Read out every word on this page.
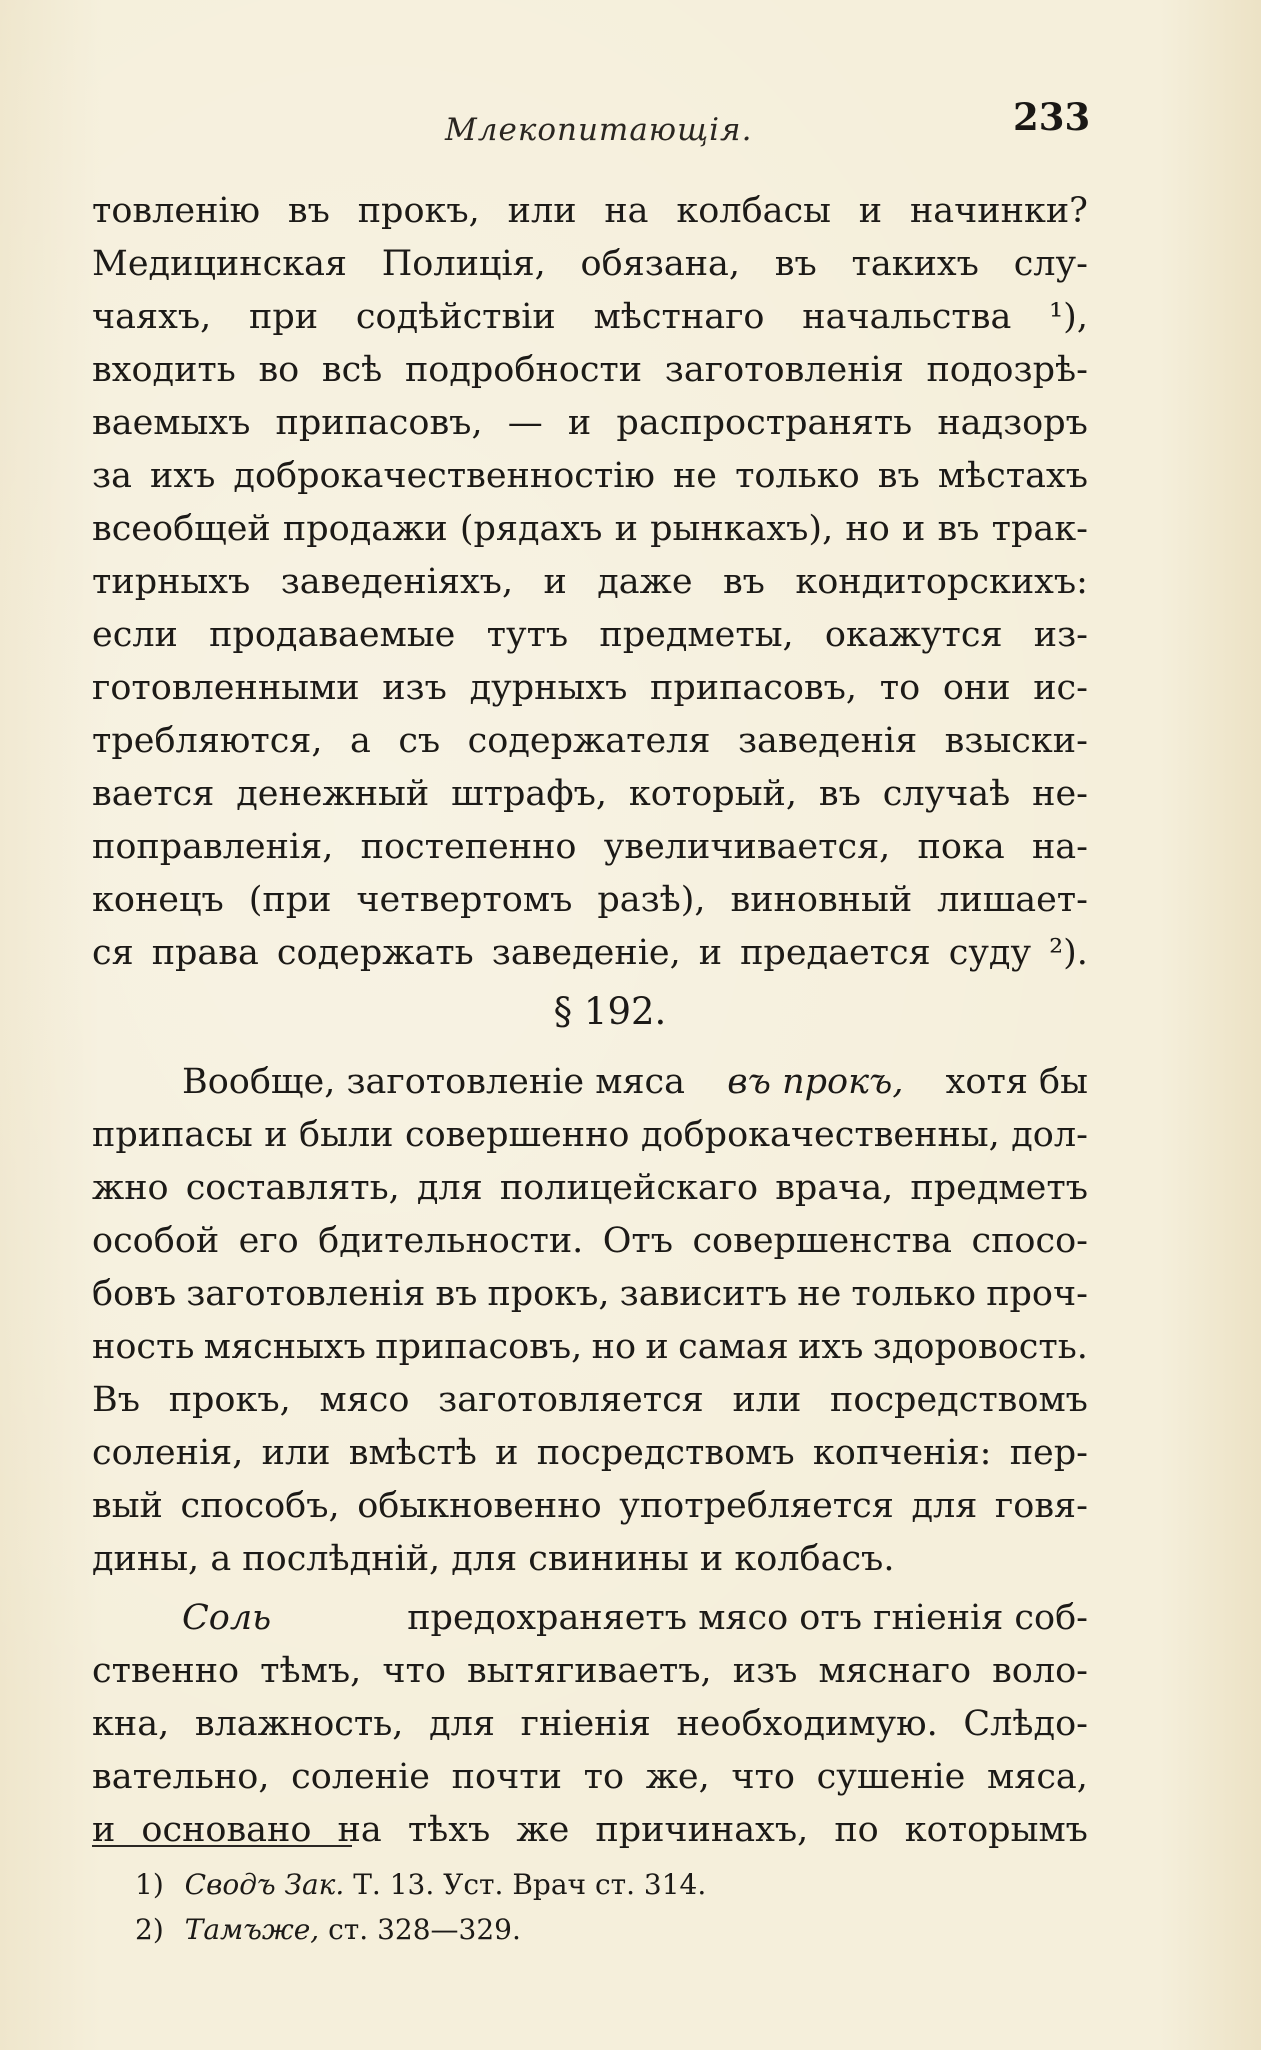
Млекопитающія.	233
товленію въ прокъ, или на колбасы и начинки?
Медицинская Полиція, обязана, въ такихъ слу-
чаяхъ, при содѣйствіи мѣстнаго начальства ¹),
входить во всѣ подробности заготовленія подозрѣ-
ваемыхъ припасовъ, — и распространять надзоръ
за ихъ доброкачественностію не только въ мѣстахъ
всеобщей продажи (рядахъ и рынкахъ), но и въ трак-
тирныхъ заведеніяхъ, и даже въ кондиторскихъ:
если продаваемые тутъ предметы, окажутся из-
готовленными изъ дурныхъ припасовъ, то они ис-
требляются, а съ содержателя заведенія взыски-
вается денежный штрафъ, который, въ случаѣ не-
поправленія, постепенно увеличивается, пока на-
конецъ (при четвертомъ разѣ), виновный лишает-
ся права содержать заведеніе, и предается суду ²).
§ 192.
Вообще, заготовленіе мяса въ прокъ, хотя бы
припасы и были совершенно доброкачественны, дол-
жно составлять, для полицейскаго врача, предметъ
особой его бдительности. Отъ совершенства спосо-
бовъ заготовленія въ прокъ, зависитъ не только проч-
ность мясныхъ припасовъ, но и самая ихъ здоровость.
Въ прокъ, мясо заготовляется или посредствомъ
соленія, или вмѣстѣ и посредствомъ копченія: пер-
вый способъ, обыкновенно употребляется для говя-
дины, а послѣдній, для свинины и колбасъ.
Соль	предохраняетъ мясо отъ гніенія соб-
ственно тѣмъ, что вытягиваетъ, изъ мяснаго воло-
кна, влажность, для гніенія необходимую. Слѣдо-
вательно, соленіе почти то же, что сушеніе мяса,
и основано на тѣхъ же причинахъ, по которымъ
1) Сводъ Зак. Т. 13. Уст. Врач ст. 314.
2) Тамъже, ст. 328—329.
